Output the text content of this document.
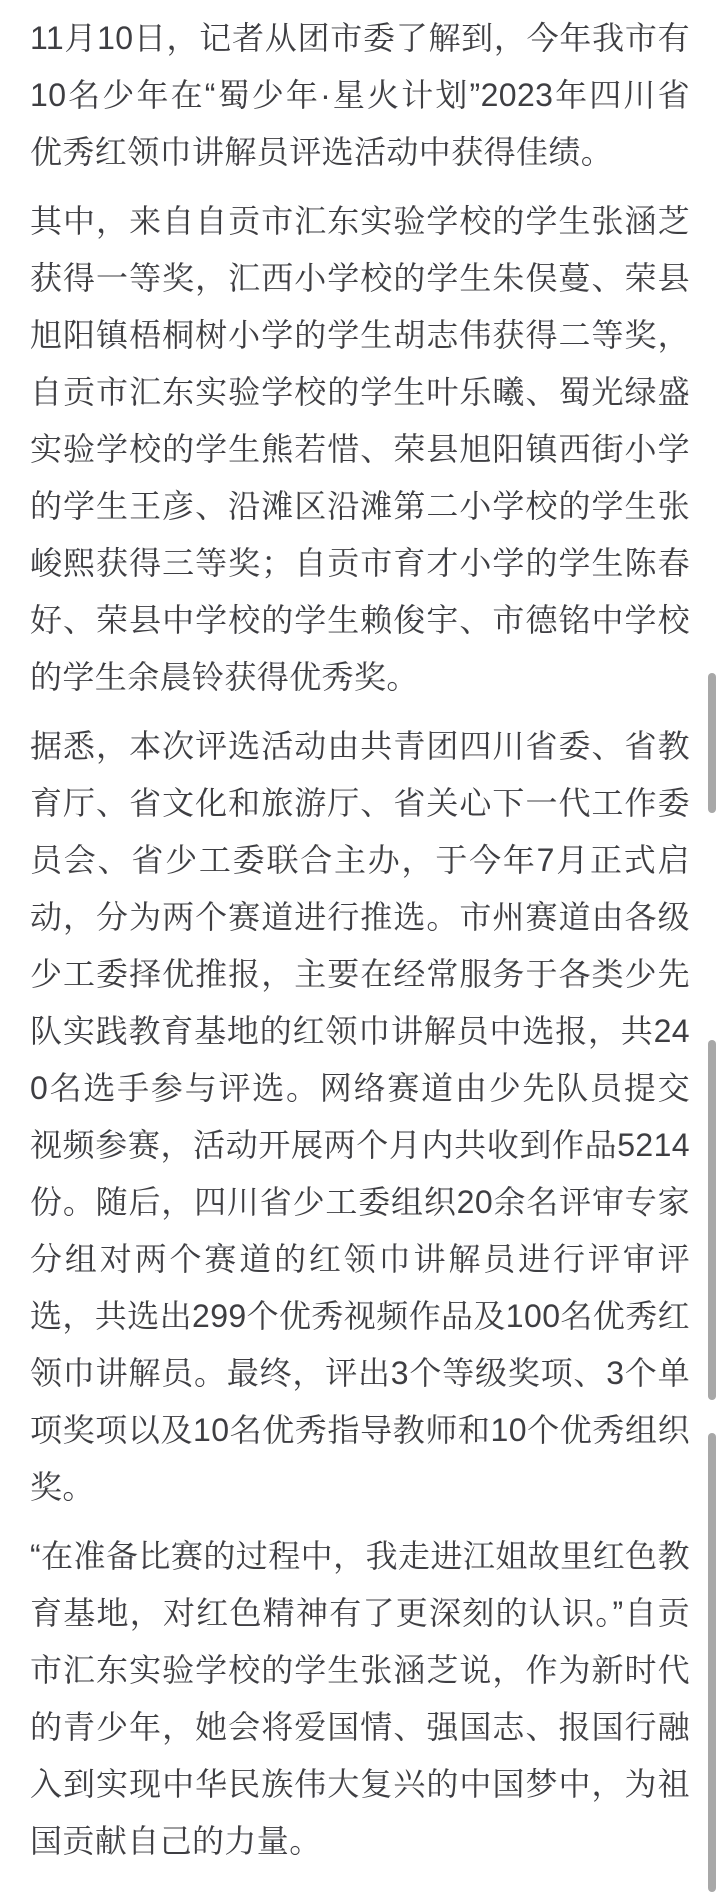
11月10日，记者从团市委了解到，今年我市有10名少年在“蜀少年·星火计划”2023年四川省优秀红领巾讲解员评选活动中获得佳绩。

其中，来自自贡市汇东实验学校的学生张涵芝获得一等奖，汇西小学校的学生朱俣蔓、荣县旭阳镇梧桐树小学的学生胡志伟获得二等奖，自贡市汇东实验学校的学生叶乐曦、蜀光绿盛实验学校的学生熊若惜、荣县旭阳镇西街小学的学生王彦、沿滩区沿滩第二小学校的学生张峻熙获得三等奖；自贡市育才小学的学生陈春好、荣县中学校的学生赖俊宇、市德铭中学校的学生余晨铃获得优秀奖。

据悉，本次评选活动由共青团四川省委、省教育厅、省文化和旅游厅、省关心下一代工作委员会、省少工委联合主办，于今年7月正式启动，分为两个赛道进行推选。市州赛道由各级少工委择优推报，主要在经常服务于各类少先队实践教育基地的红领巾讲解员中选报，共240名选手参与评选。网络赛道由少先队员提交视频参赛，活动开展两个月内共收到作品5214份。随后，四川省少工委组织20余名评审专家分组对两个赛道的红领巾讲解员进行评审评选，共选出299个优秀视频作品及100名优秀红领巾讲解员。最终，评出3个等级奖项、3个单项奖项以及10名优秀指导教师和10个优秀组织奖。

“在准备比赛的过程中，我走进江姐故里红色教育基地，对红色精神有了更深刻的认识。”自贡市汇东实验学校的学生张涵芝说，作为新时代的青少年，她会将爱国情、强国志、报国行融入到实现中华民族伟大复兴的中国梦中，为祖国贡献自己的力量。
